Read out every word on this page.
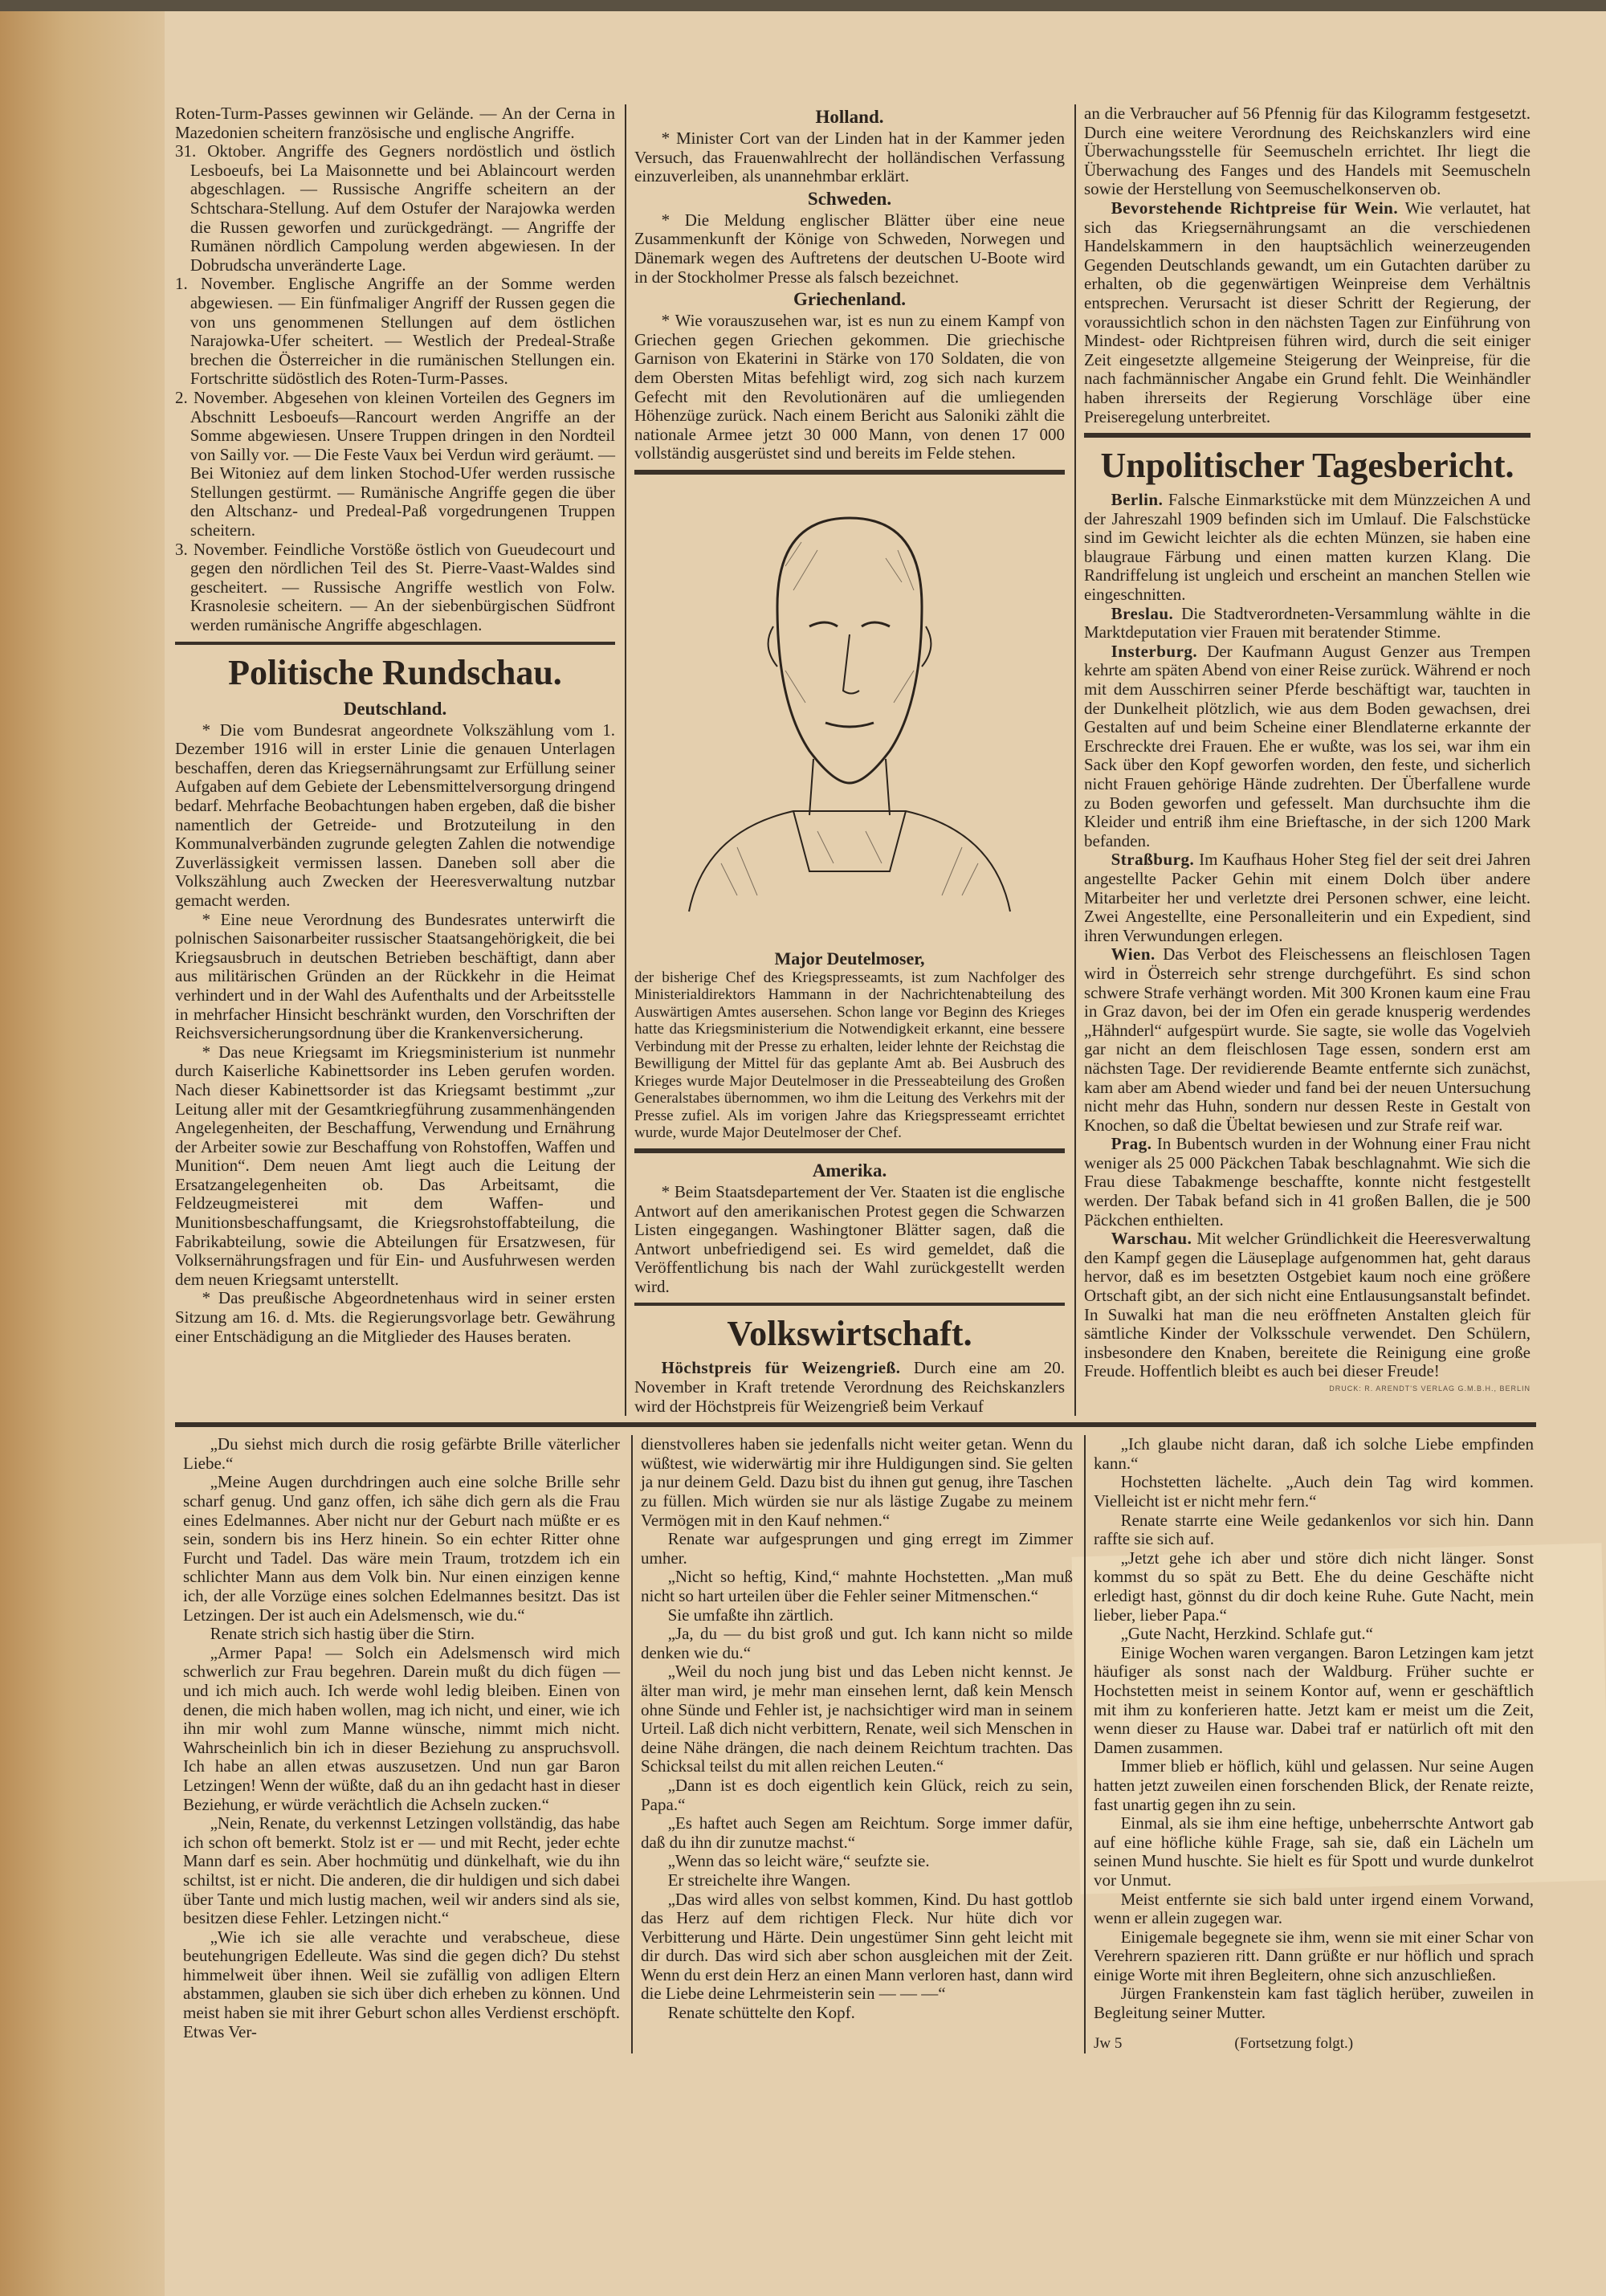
Roten-Turm-Passes gewinnen wir Gelände. — An der Cerna in Mazedonien scheitern französische und englische Angriffe.

31. Oktober. Angriffe des Gegners nordöstlich und östlich Lesboeufs, bei La Maisonnette und bei Ablaincourt werden abgeschlagen. — Russische Angriffe scheitern an der Schtschara-Stellung. Auf dem Ostufer der Narajowka werden die Russen geworfen und zurückgedrängt. — Angriffe der Rumänen nördlich Campolung werden abgewiesen. In der Dobrudscha unveränderte Lage.

1. November. Englische Angriffe an der Somme werden abgewiesen. — Ein fünfmaliger Angriff der Russen gegen die von uns genommenen Stellungen auf dem östlichen Narajowka-Ufer scheitert. — Westlich der Predeal-Straße brechen die Österreicher in die rumänischen Stellungen ein. Fortschritte südöstlich des Roten-Turm-Passes.

2. November. Abgesehen von kleinen Vorteilen des Gegners im Abschnitt Lesboeufs—Rancourt werden Angriffe an der Somme abgewiesen. Unsere Truppen dringen in den Nordteil von Sailly vor. — Die Feste Vaux bei Verdun wird geräumt. — Bei Witoniez auf dem linken Stochod-Ufer werden russische Stellungen gestürmt. — Rumänische Angriffe gegen die über den Altschanz- und Predeal-Paß vorgedrungenen Truppen scheitern.

3. November. Feindliche Vorstöße östlich von Gueudecourt und gegen den nördlichen Teil des St. Pierre-Vaast-Waldes sind gescheitert. — Russische Angriffe westlich von Folw. Krasnolesie scheitern. — An der siebenbürgischen Südfront werden rumänische Angriffe abgeschlagen.

Politische Rundschau.
Deutschland.

* Die vom Bundesrat angeordnete Volkszählung vom 1. Dezember 1916 will in erster Linie die genauen Unterlagen beschaffen, deren das Kriegsernährungsamt zur Erfüllung seiner Aufgaben auf dem Gebiete der Lebensmittelversorgung dringend bedarf. Mehrfache Beobachtungen haben ergeben, daß die bisher namentlich der Getreide- und Brotzuteilung in den Kommunalverbänden zugrunde gelegten Zahlen die notwendige Zuverlässigkeit vermissen lassen. Daneben soll aber die Volkszählung auch Zwecken der Heeresverwaltung nutzbar gemacht werden.

* Eine neue Verordnung des Bundesrates unterwirft die polnischen Saisonarbeiter russischer Staatsangehörigkeit, die bei Kriegsausbruch in deutschen Betrieben beschäftigt, dann aber aus militärischen Gründen an der Rückkehr in die Heimat verhindert und in der Wahl des Aufenthalts und der Arbeitsstelle in mehrfacher Hinsicht beschränkt wurden, den Vorschriften der Reichsversicherungsordnung über die Krankenversicherung.

* Das neue Kriegsamt im Kriegsministerium ist nunmehr durch Kaiserliche Kabinettsorder ins Leben gerufen worden. Nach dieser Kabinettsorder ist das Kriegsamt bestimmt „zur Leitung aller mit der Gesamtkriegführung zusammenhängenden Angelegenheiten, der Beschaffung, Verwendung und Ernährung der Arbeiter sowie zur Beschaffung von Rohstoffen, Waffen und Munition“. Dem neuen Amt liegt auch die Leitung der Ersatzangelegenheiten ob. Das Arbeitsamt, die Feldzeugmeisterei mit dem Waffen- und Munitionsbeschaffungsamt, die Kriegsrohstoffabteilung, die Fabrikabteilung, sowie die Abteilungen für Ersatzwesen, für Volksernährungsfragen und für Ein- und Ausfuhrwesen werden dem neuen Kriegsamt unterstellt.

* Das preußische Abgeordnetenhaus wird in seiner ersten Sitzung am 16. d. Mts. die Regierungsvorlage betr. Gewährung einer Entschädigung an die Mitglieder des Hauses beraten.

Holland.

* Minister Cort van der Linden hat in der Kammer jeden Versuch, das Frauenwahlrecht der holländischen Verfassung einzuverleiben, als unannehmbar erklärt.

Schweden.

* Die Meldung englischer Blätter über eine neue Zusammenkunft der Könige von Schweden, Norwegen und Dänemark wegen des Auftretens der deutschen U-Boote wird in der Stockholmer Presse als falsch bezeichnet.

Griechenland.

* Wie vorauszusehen war, ist es nun zu einem Kampf von Griechen gegen Griechen gekommen. Die griechische Garnison von Ekaterini in Stärke von 170 Soldaten, die von dem Obersten Mitas befehligt wird, zog sich nach kurzem Gefecht mit den Revolutionären auf die umliegenden Höhenzüge zurück. Nach einem Bericht aus Saloniki zählt die nationale Armee jetzt 30 000 Mann, von denen 17 000 vollständig ausgerüstet sind und bereits im Felde stehen.

Major Deutelmoser,

der bisherige Chef des Kriegspresseamts, ist zum Nachfolger des Ministerialdirektors Hammann in der Nachrichtenabteilung des Auswärtigen Amtes ausersehen. Schon lange vor Beginn des Krieges hatte das Kriegsministerium die Notwendigkeit erkannt, eine bessere Verbindung mit der Presse zu erhalten, leider lehnte der Reichstag die Bewilligung der Mittel für das geplante Amt ab. Bei Ausbruch des Krieges wurde Major Deutelmoser in die Presseabteilung des Großen Generalstabes übernommen, wo ihm die Leitung des Verkehrs mit der Presse zufiel. Als im vorigen Jahre das Kriegspresseamt errichtet wurde, wurde Major Deutelmoser der Chef.

Amerika.

* Beim Staatsdepartement der Ver. Staaten ist die englische Antwort auf den amerikanischen Protest gegen die Schwarzen Listen eingegangen. Washingtoner Blätter sagen, daß die Antwort unbefriedigend sei. Es wird gemeldet, daß die Veröffentlichung bis nach der Wahl zurückgestellt werden wird.

Volkswirtschaft.

Höchstpreis für Weizengrieß. Durch eine am 20. November in Kraft tretende Verordnung des Reichskanzlers wird der Höchstpreis für Weizengrieß beim Verkauf

an die Verbraucher auf 56 Pfennig für das Kilogramm festgesetzt. Durch eine weitere Verordnung des Reichskanzlers wird eine Überwachungsstelle für Seemuscheln errichtet. Ihr liegt die Überwachung des Fanges und des Handels mit Seemuscheln sowie der Herstellung von Seemuschelkonserven ob.

Bevorstehende Richtpreise für Wein. Wie verlautet, hat sich das Kriegsernährungsamt an die verschiedenen Handelskammern in den hauptsächlich weinerzeugenden Gegenden Deutschlands gewandt, um ein Gutachten darüber zu erhalten, ob die gegenwärtigen Weinpreise dem Verhältnis entsprechen. Verursacht ist dieser Schritt der Regierung, der voraussichtlich schon in den nächsten Tagen zur Einführung von Mindest- oder Richtpreisen führen wird, durch die seit einiger Zeit eingesetzte allgemeine Steigerung der Weinpreise, für die nach fachmännischer Angabe ein Grund fehlt. Die Weinhändler haben ihrerseits der Regierung Vorschläge über eine Preiseregelung unterbreitet.

Unpolitischer Tagesbericht.

Berlin. Falsche Einmarkstücke mit dem Münzzeichen A und der Jahreszahl 1909 befinden sich im Umlauf. Die Falschstücke sind im Gewicht leichter als die echten Münzen, sie haben eine blaugraue Färbung und einen matten kurzen Klang. Die Randriffelung ist ungleich und erscheint an manchen Stellen wie eingeschnitten.

Breslau. Die Stadtverordneten-Versammlung wählte in die Marktdeputation vier Frauen mit beratender Stimme.

Insterburg. Der Kaufmann August Genzer aus Trempen kehrte am späten Abend von einer Reise zurück. Während er noch mit dem Ausschirren seiner Pferde beschäftigt war, tauchten in der Dunkelheit plötzlich, wie aus dem Boden gewachsen, drei Gestalten auf und beim Scheine einer Blendlaterne erkannte der Erschreckte drei Frauen. Ehe er wußte, was los sei, war ihm ein Sack über den Kopf geworfen worden, den feste, und sicherlich nicht Frauen gehörige Hände zudrehten. Der Überfallene wurde zu Boden geworfen und gefesselt. Man durchsuchte ihm die Kleider und entriß ihm eine Brieftasche, in der sich 1200 Mark befanden.

Straßburg. Im Kaufhaus Hoher Steg fiel der seit drei Jahren angestellte Packer Gehin mit einem Dolch über andere Mitarbeiter her und verletzte drei Personen schwer, eine leicht. Zwei Angestellte, eine Personalleiterin und ein Expedient, sind ihren Verwundungen erlegen.

Wien. Das Verbot des Fleischessens an fleischlosen Tagen wird in Österreich sehr strenge durchgeführt. Es sind schon schwere Strafe verhängt worden. Mit 300 Kronen kaum eine Frau in Graz davon, bei der im Ofen ein gerade knusperig werdendes „Hähnderl“ aufgespürt wurde. Sie sagte, sie wolle das Vogelvieh gar nicht an dem fleischlosen Tage essen, sondern erst am nächsten Tage. Der revidierende Beamte entfernte sich zunächst, kam aber am Abend wieder und fand bei der neuen Untersuchung nicht mehr das Huhn, sondern nur dessen Reste in Gestalt von Knochen, so daß die Übeltat bewiesen und zur Strafe reif war.

Prag. In Bubentsch wurden in der Wohnung einer Frau nicht weniger als 25 000 Päckchen Tabak beschlagnahmt. Wie sich die Frau diese Tabakmenge beschaffte, konnte nicht festgestellt werden. Der Tabak befand sich in 41 großen Ballen, die je 500 Päckchen enthielten.

Warschau. Mit welcher Gründlichkeit die Heeresverwaltung den Kampf gegen die Läuseplage aufgenommen hat, geht daraus hervor, daß es im besetzten Ostgebiet kaum noch eine größere Ortschaft gibt, an der sich nicht eine Entlausungsanstalt befindet. In Suwalki hat man die neu eröffneten Anstalten gleich für sämtliche Kinder der Volksschule verwendet. Den Schülern, insbesondere den Knaben, bereitete die Reinigung eine große Freude. Hoffentlich bleibt es auch bei dieser Freude!

DRUCK: R. ARENDT'S VERLAG G.M.B.H., BERLIN

„Du siehst mich durch die rosig gefärbte Brille väterlicher Liebe.“

„Meine Augen durchdringen auch eine solche Brille sehr scharf genug. Und ganz offen, ich sähe dich gern als die Frau eines Edelmannes. Aber nicht nur der Geburt nach müßte er es sein, sondern bis ins Herz hinein. So ein echter Ritter ohne Furcht und Tadel. Das wäre mein Traum, trotzdem ich ein schlichter Mann aus dem Volk bin. Nur einen einzigen kenne ich, der alle Vorzüge eines solchen Edelmannes besitzt. Das ist Letzingen. Der ist auch ein Adelsmensch, wie du.“

Renate strich sich hastig über die Stirn.

„Armer Papa! — Solch ein Adelsmensch wird mich schwerlich zur Frau begehren. Darein mußt du dich fügen — und ich mich auch. Ich werde wohl ledig bleiben. Einen von denen, die mich haben wollen, mag ich nicht, und einer, wie ich ihn mir wohl zum Manne wünsche, nimmt mich nicht. Wahrscheinlich bin ich in dieser Beziehung zu anspruchsvoll. Ich habe an allen etwas auszusetzen. Und nun gar Baron Letzingen! Wenn der wüßte, daß du an ihn gedacht hast in dieser Beziehung, er würde verächtlich die Achseln zucken.“

„Nein, Renate, du verkennst Letzingen vollständig, das habe ich schon oft bemerkt. Stolz ist er — und mit Recht, jeder echte Mann darf es sein. Aber hochmütig und dünkelhaft, wie du ihn schiltst, ist er nicht. Die anderen, die dir huldigen und sich dabei über Tante und mich lustig machen, weil wir anders sind als sie, besitzen diese Fehler. Letzingen nicht.“

„Wie ich sie alle verachte und verabscheue, diese beutehungrigen Edelleute. Was sind die gegen dich? Du stehst himmelweit über ihnen. Weil sie zufällig von adligen Eltern abstammen, glauben sie sich über dich erheben zu können. Und meist haben sie mit ihrer Geburt schon alles Verdienst erschöpft. Etwas Ver-

dienstvolleres haben sie jedenfalls nicht weiter getan. Wenn du wüßtest, wie widerwärtig mir ihre Huldigungen sind. Sie gelten ja nur deinem Geld. Dazu bist du ihnen gut genug, ihre Taschen zu füllen. Mich würden sie nur als lästige Zugabe zu meinem Vermögen mit in den Kauf nehmen.“

Renate war aufgesprungen und ging erregt im Zimmer umher.

„Nicht so heftig, Kind,“ mahnte Hochstetten. „Man muß nicht so hart urteilen über die Fehler seiner Mitmenschen.“

Sie umfaßte ihn zärtlich.

„Ja, du — du bist groß und gut. Ich kann nicht so milde denken wie du.“

„Weil du noch jung bist und das Leben nicht kennst. Je älter man wird, je mehr man einsehen lernt, daß kein Mensch ohne Sünde und Fehler ist, je nachsichtiger wird man in seinem Urteil. Laß dich nicht verbittern, Renate, weil sich Menschen in deine Nähe drängen, die nach deinem Reichtum trachten. Das Schicksal teilst du mit allen reichen Leuten.“

„Dann ist es doch eigentlich kein Glück, reich zu sein, Papa.“

„Es haftet auch Segen am Reichtum. Sorge immer dafür, daß du ihn dir zunutze machst.“

„Wenn das so leicht wäre,“ seufzte sie.

Er streichelte ihre Wangen.

„Das wird alles von selbst kommen, Kind. Du hast gottlob das Herz auf dem richtigen Fleck. Nur hüte dich vor Verbitterung und Härte. Dein ungestümer Sinn geht leicht mit dir durch. Das wird sich aber schon ausgleichen mit der Zeit. Wenn du erst dein Herz an einen Mann verloren hast, dann wird die Liebe deine Lehrmeisterin sein — — —“

Renate schüttelte den Kopf.

„Ich glaube nicht daran, daß ich solche Liebe empfinden kann.“

Hochstetten lächelte. „Auch dein Tag wird kommen. Vielleicht ist er nicht mehr fern.“

Renate starrte eine Weile gedankenlos vor sich hin. Dann raffte sie sich auf.

„Jetzt gehe ich aber und störe dich nicht länger. Sonst kommst du so spät zu Bett. Ehe du deine Geschäfte nicht erledigt hast, gönnst du dir doch keine Ruhe. Gute Nacht, mein lieber, lieber Papa.“

„Gute Nacht, Herzkind. Schlafe gut.“

Einige Wochen waren vergangen. Baron Letzingen kam jetzt häufiger als sonst nach der Waldburg. Früher suchte er Hochstetten meist in seinem Kontor auf, wenn er geschäftlich mit ihm zu konferieren hatte. Jetzt kam er meist um die Zeit, wenn dieser zu Hause war. Dabei traf er natürlich oft mit den Damen zusammen.

Immer blieb er höflich, kühl und gelassen. Nur seine Augen hatten jetzt zuweilen einen forschenden Blick, der Renate reizte, fast unartig gegen ihn zu sein.

Einmal, als sie ihm eine heftige, unbeherrschte Antwort gab auf eine höfliche kühle Frage, sah sie, daß ein Lächeln um seinen Mund huschte. Sie hielt es für Spott und wurde dunkelrot vor Unmut.

Meist entfernte sie sich bald unter irgend einem Vorwand, wenn er allein zugegen war.

Einigemale begegnete sie ihm, wenn sie mit einer Schar von Verehrern spazieren ritt. Dann grüßte er nur höflich und sprach einige Worte mit ihren Begleitern, ohne sich anzuschließen.

Jürgen Frankenstein kam fast täglich herüber, zuweilen in Begleitung seiner Mutter.

Jw 5	(Fortsetzung folgt.)
